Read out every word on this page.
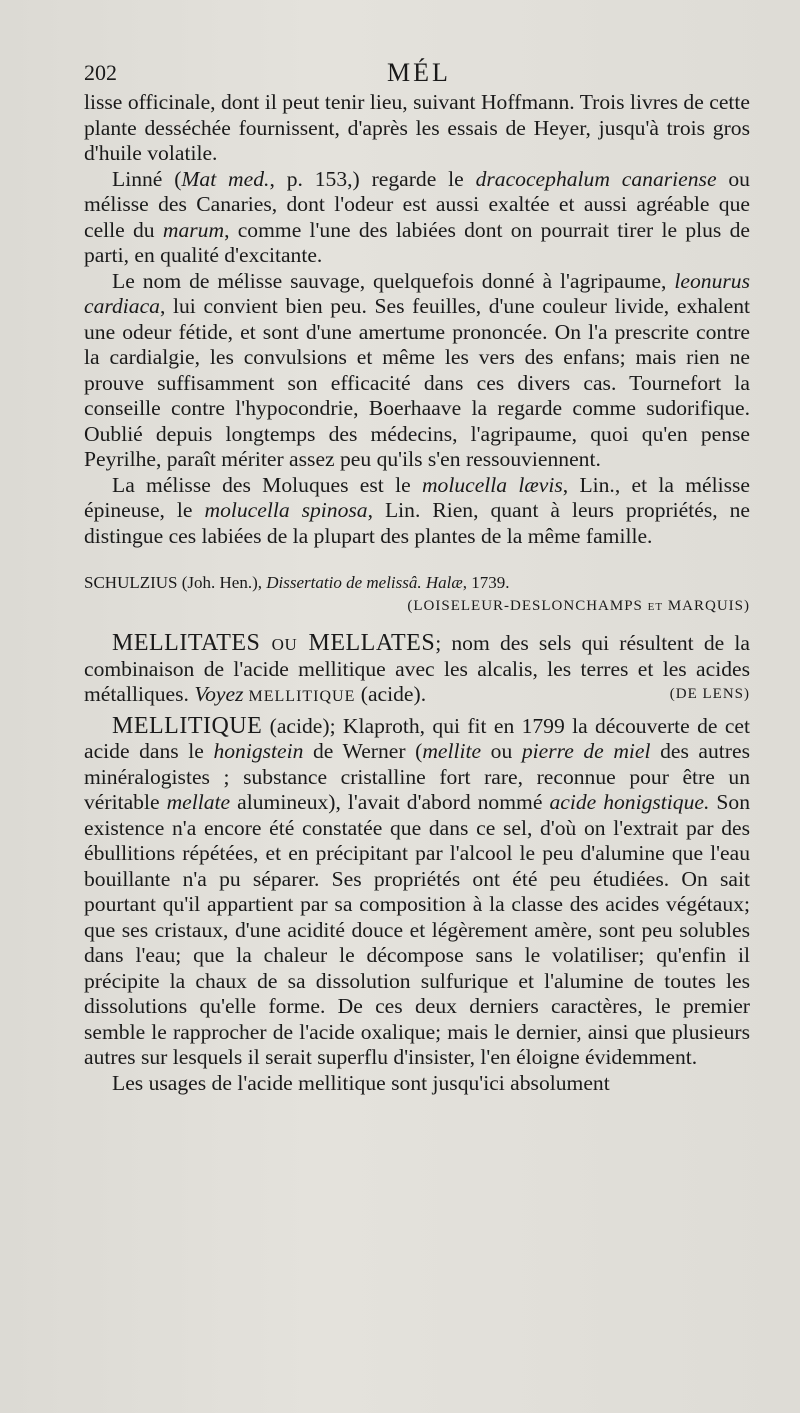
202	MÉL

lisse officinale, dont il peut tenir lieu, suivant Hoffmann. Trois livres de cette plante desséchée fournissent, d'après les essais de Heyer, jusqu'à trois gros d'huile volatile.

Linné (Mat med., p. 153,) regarde le dracocephalum canariense ou mélisse des Canaries, dont l'odeur est aussi exaltée et aussi agréable que celle du marum, comme l'une des labiées dont on pourrait tirer le plus de parti, en qualité d'excitante.

Le nom de mélisse sauvage, quelquefois donné à l'agripaume, leonurus cardiaca, lui convient bien peu. Ses feuilles, d'une couleur livide, exhalent une odeur fétide, et sont d'une amertume prononcée. On l'a prescrite contre la cardialgie, les convulsions et même les vers des enfans; mais rien ne prouve suffisamment son efficacité dans ces divers cas. Tournefort la conseille contre l'hypocondrie, Boerhaave la regarde comme sudorifique. Oublié depuis longtemps des médecins, l'agripaume, quoi qu'en pense Peyrilhe, paraît mériter assez peu qu'ils s'en ressouviennent.

La mélisse des Moluques est le molucella lævis, Lin., et la mélisse épineuse, le molucella spinosa, Lin. Rien, quant à leurs propriétés, ne distingue ces labiées de la plupart des plantes de la même famille.

SCHULZIUS (Joh. Hen.), Dissertatio de melissâ. Halæ, 1739.

(LOISELEUR-DESLONCHAMPS et MARQUIS)

MELLITATES ou MELLATES; nom des sels qui résultent de la combinaison de l'acide mellitique avec les alcalis, les terres et les acides métalliques. Voyez MELLITIQUE (acide).	(DE LENS)

MELLITIQUE (acide); Klaproth, qui fit en 1799 la découverte de cet acide dans le honigstein de Werner (mellite ou pierre de miel des autres minéralogistes ; substance cristalline fort rare, reconnue pour être un véritable mellate alumineux), l'avait d'abord nommé acide honigstique. Son existence n'a encore été constatée que dans ce sel, d'où on l'extrait par des ébullitions répétées, et en précipitant par l'alcool le peu d'alumine que l'eau bouillante n'a pu séparer. Ses propriétés ont été peu étudiées. On sait pourtant qu'il appartient par sa composition à la classe des acides végétaux; que ses cristaux, d'une acidité douce et légèrement amère, sont peu solubles dans l'eau; que la chaleur le décompose sans le volatiliser; qu'enfin il précipite la chaux de sa dissolution sulfurique et l'alumine de toutes les dissolutions qu'elle forme. De ces deux derniers caractères, le premier semble le rapprocher de l'acide oxalique; mais le dernier, ainsi que plusieurs autres sur lesquels il serait superflu d'insister, l'en éloigne évidemment.

Les usages de l'acide mellitique sont jusqu'ici absolument
